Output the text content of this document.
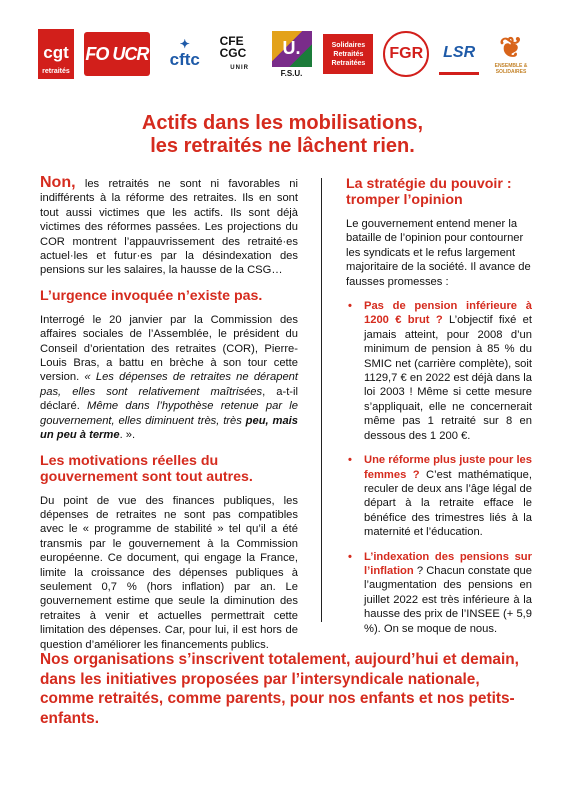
cgt
retraités
FO UCR	✦
cftc
CFE CGC
UNIR
U.
F.S.U.
Solidaires Retraités Retraitées
FGR LSR ❦
ENSEMBLE & SOLIDAIRES
Actifs dans les mobilisations,
les retraités ne lâchent rien.

Non, les retraités ne sont ni favorables ni indifférents à la réforme des retraites. Ils en sont tout aussi victimes que les actifs. Ils sont déjà victimes des réformes passées. Les projections du COR montrent l’appauvrissement des retraité·es actuel·les et futur·es par la désindexation des pensions sur les salaires, la hausse de la CSG…

L’urgence invoquée n’existe pas.

Interrogé le 20 janvier par la Commission des affaires sociales de l’Assemblée, le président du Conseil d’orientation des retraites (COR), Pierre-Louis Bras, a battu en brèche à son tour cette version. « Les dépenses de retraites ne dérapent pas, elles sont relativement maîtrisées, a-t-il déclaré. Même dans l’hypothèse retenue par le gouvernement, elles diminuent très, très peu, mais un peu à terme. ».

Les motivations réelles du gouvernement sont tout autres.

Du point de vue des finances publiques, les dépenses de retraites ne sont pas compatibles avec le « programme de stabilité » tel qu’il a été transmis par le gouvernement à la Commission européenne. Ce document, qui engage la France, limite la croissance des dépenses publiques à seulement 0,7 % (hors inflation) par an. Le gouvernement estime que seule la diminution des retraites à venir et actuelles permettrait cette limitation des dépenses. Car, pour lui, il est hors de question d’améliorer les financements publics.

La stratégie du pouvoir : tromper l’opinion

Le gouvernement entend mener la bataille de l’opinion pour contourner les syndicats et le refus largement majoritaire de la société. Il avance de fausses promesses :

• Pas de pension inférieure à 1200 € brut ? L’objectif fixé et jamais atteint, pour 2008 d’un minimum de pension à 85 % du SMIC net (carrière complète), soit 1129,7 € en 2022 est déjà dans la loi 2003 ! Même si cette mesure s’appliquait, elle ne concernerait même pas 1 retraité sur 8 en dessous des 1 200 €.
• Une réforme plus juste pour les femmes ? C’est mathématique, reculer de deux ans l’âge légal de départ à la retraite efface le bénéfice des trimestres liés à la maternité et l’éducation.
• L’indexation des pensions sur l’inflation ? Chacun constate que l’augmentation des pensions en juillet 2022 est très inférieure à la hausse des prix de l’INSEE (+ 5,9 %). On se moque de nous.
Nos organisations s’inscrivent totalement, aujourd’hui et demain, dans les initiatives proposées par l’intersyndicale nationale, comme retraités, comme parents, pour nos enfants et nos petits-enfants.
